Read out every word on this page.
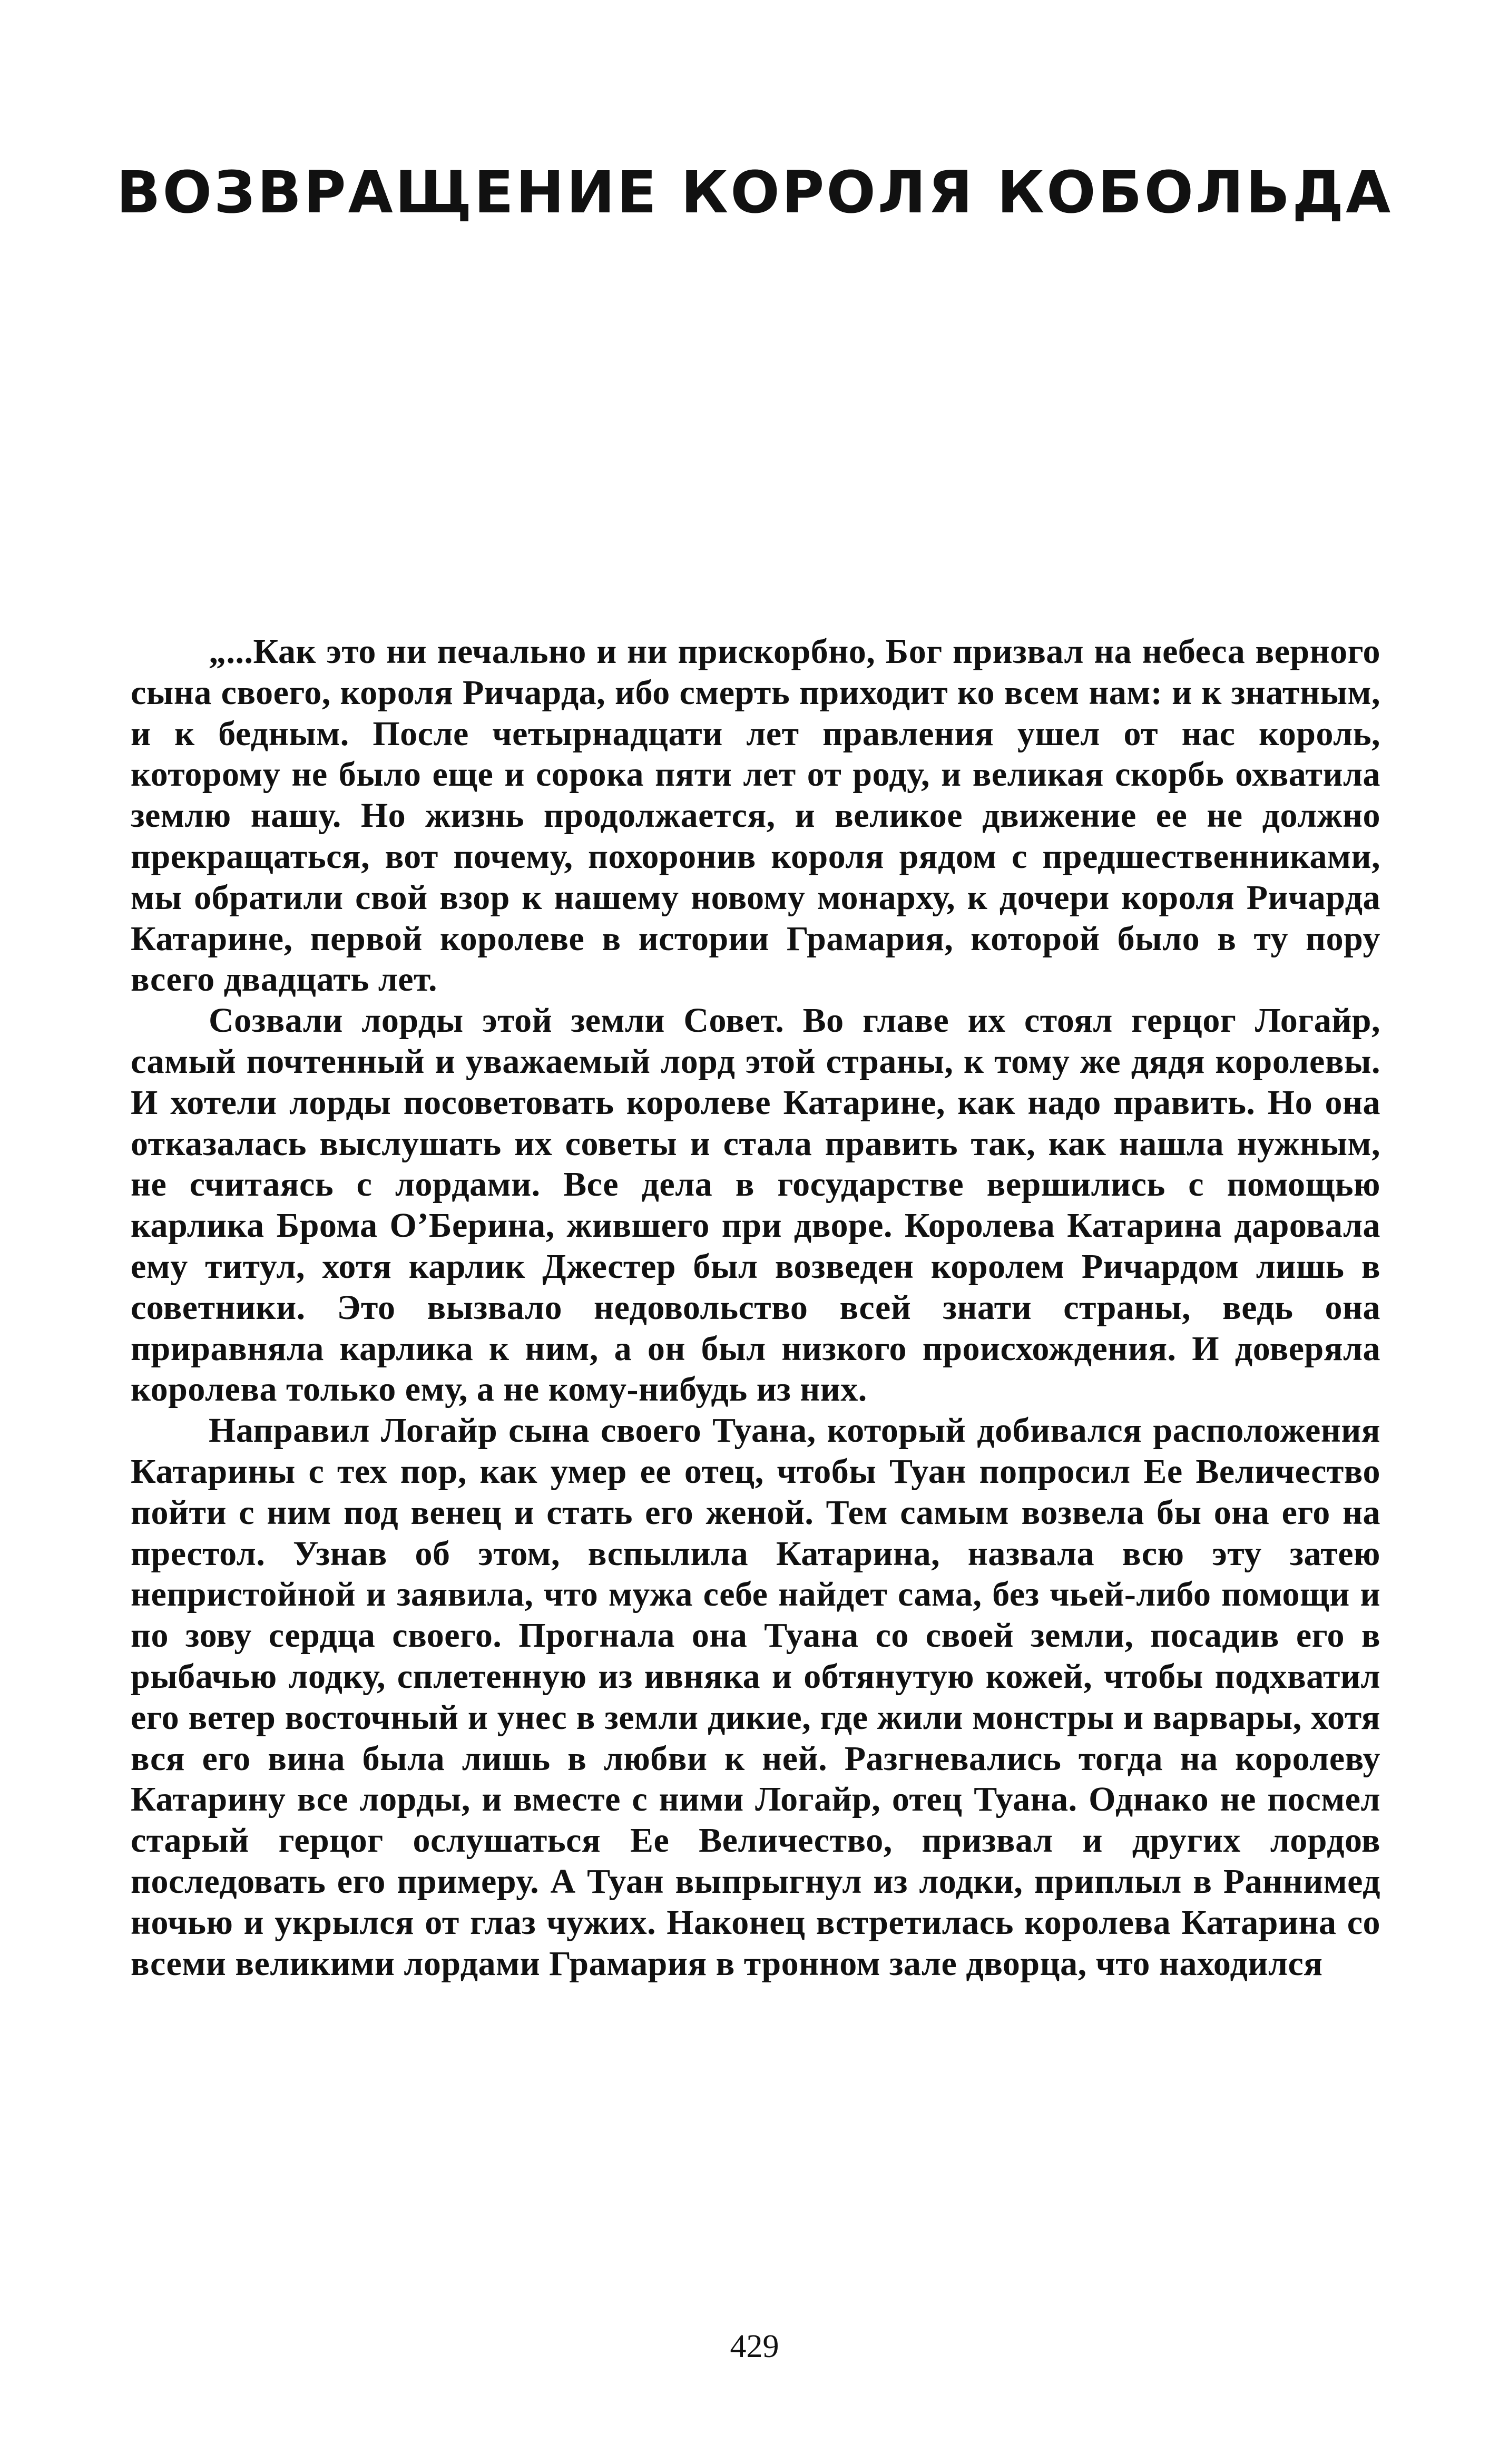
ВОЗВРАЩЕНИЕ КОРОЛЯ КОБОЛЬДА

„...Как это ни печально и ни прискорбно, Бог призвал на небеса верного сына своего, короля Ричарда, ибо смерть приходит ко всем нам: и к знатным, и к бедным. После четырнадцати лет правления ушел от нас король, которому не было еще и сорока пяти лет от роду, и великая скорбь охватила землю нашу. Но жизнь продолжается, и великое движение ее не должно прекращаться, вот почему, похоронив короля рядом с предшественниками, мы обратили свой взор к нашему новому монарху, к дочери короля Ричарда Катарине, первой королеве в истории Грамария, которой было в ту пору всего двадцать лет.

Созвали лорды этой земли Совет. Во главе их стоял герцог Логайр, самый почтенный и уважаемый лорд этой страны, к тому же дядя королевы. И хотели лорды посоветовать королеве Катарине, как надо править. Но она отказалась выслушать их советы и стала править так, как нашла нужным, не считаясь с лордами. Все дела в государстве вершились с помощью карлика Брома О’Берина, жившего при дворе. Королева Катарина даровала ему титул, хотя карлик Джестер был возведен королем Ричардом лишь в советники. Это вызвало недовольство всей знати страны, ведь она приравняла карлика к ним, а он был низкого происхождения. И доверяла королева только ему, а не кому-нибудь из них.

Направил Логайр сына своего Туана, который добивался расположения Катарины с тех пор, как умер ее отец, чтобы Туан попросил Ее Величество пойти с ним под венец и стать его женой. Тем самым возвела бы она его на престол. Узнав об этом, вспылила Катарина, назвала всю эту затею непристойной и заявила, что мужа себе найдет сама, без чьей-либо помощи и по зову сердца своего. Прогнала она Туана со своей земли, посадив его в рыбачью лодку, сплетенную из ивняка и обтянутую кожей, чтобы подхватил его ветер восточный и унес в земли дикие, где жили монстры и варвары, хотя вся его вина была лишь в любви к ней. Разгневались тогда на королеву Катарину все лорды, и вместе с ними Логайр, отец Туана. Однако не посмел старый герцог ослушаться Ее Величество, призвал и других лордов последовать его примеру. А Туан выпрыгнул из лодки, приплыл в Раннимед ночью и укрылся от глаз чужих. Наконец встретилась королева Катарина со всеми великими лордами Грамария в тронном зале дворца, что находился

429
